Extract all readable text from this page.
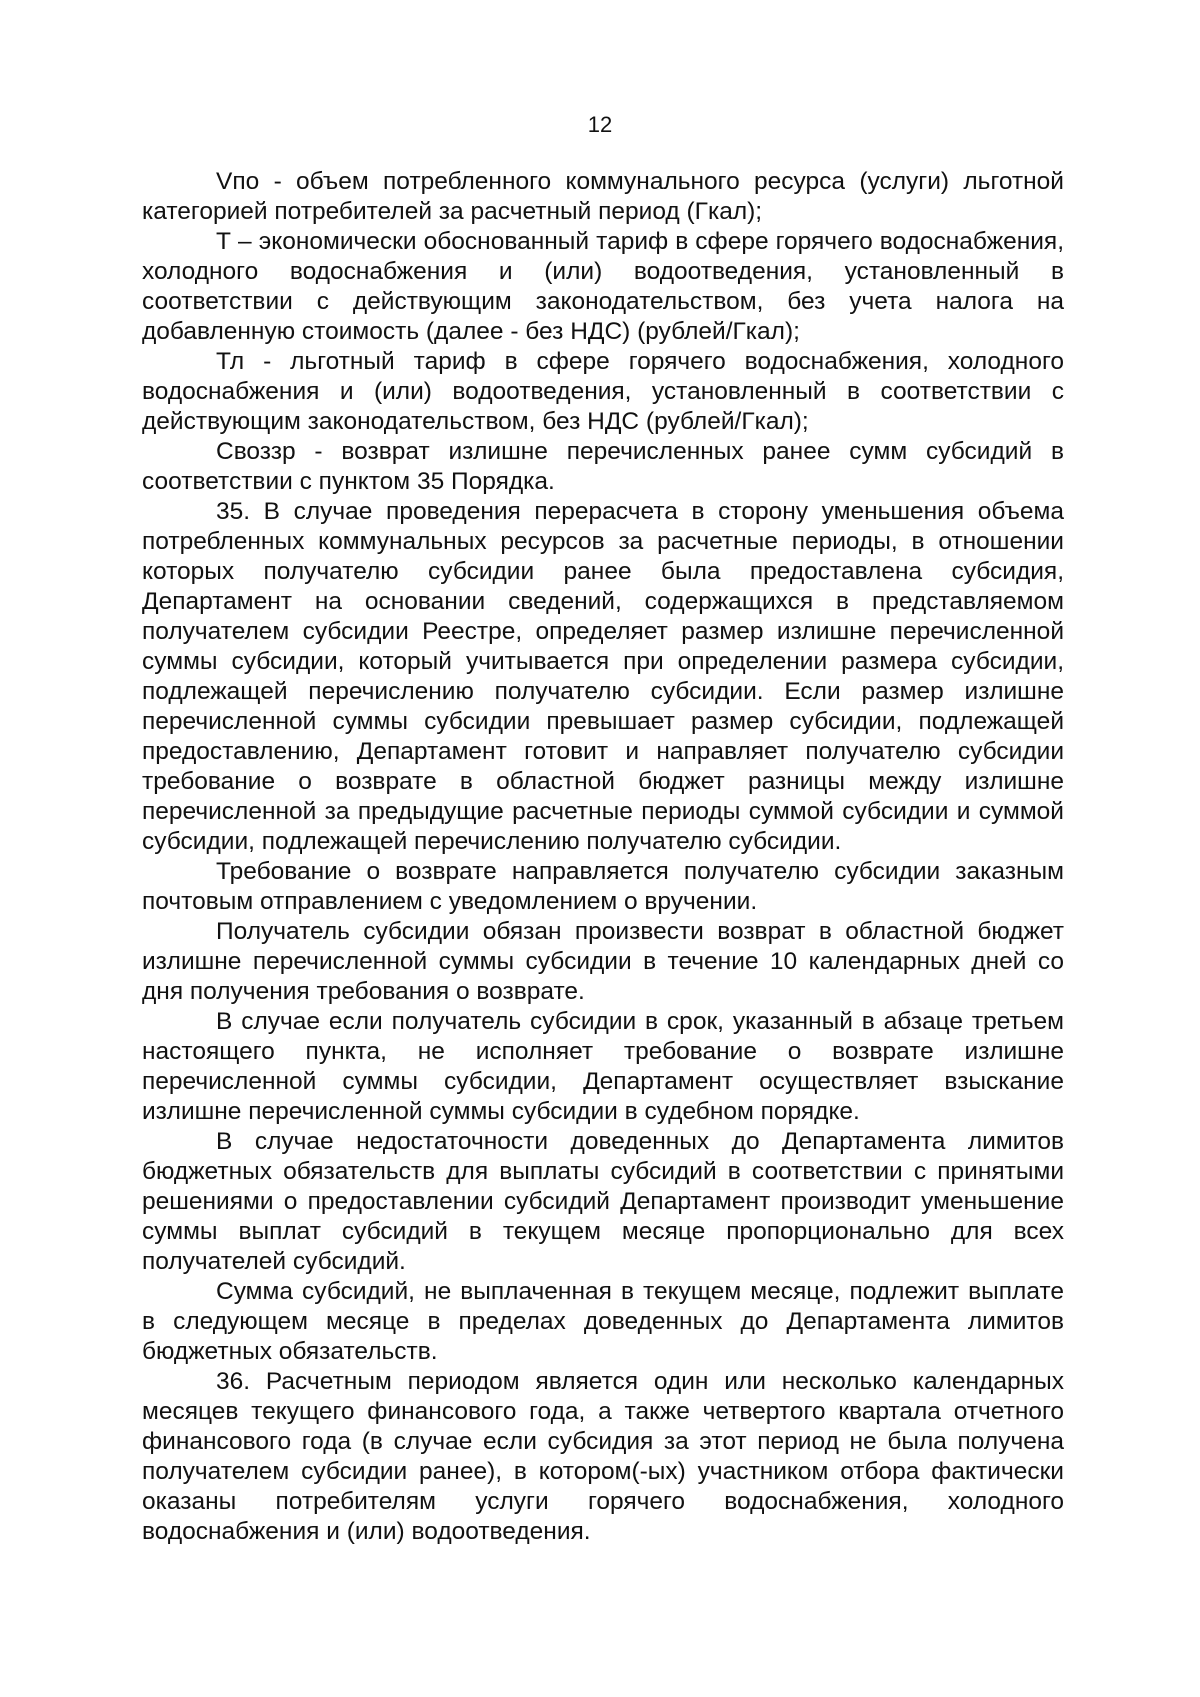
12

Vпо - объем потребленного коммунального ресурса (услуги) льготной категорией потребителей за расчетный период (Гкал);

Т – экономически обоснованный тариф в сфере горячего водоснабжения, холодного водоснабжения и (или) водоотведения, установленный в соответствии с действующим законодательством, без учета налога на добавленную стоимость (далее - без НДС) (рублей/Гкал);

Тл - льготный тариф в сфере горячего водоснабжения, холодного водоснабжения и (или) водоотведения, установленный в соответствии с действующим законодательством, без НДС (рублей/Гкал);

Своззр - возврат излишне перечисленных ранее сумм субсидий в соответствии с пунктом 35 Порядка.

35. В случае проведения перерасчета в сторону уменьшения объема потребленных коммунальных ресурсов за расчетные периоды, в отношении которых получателю субсидии ранее была предоставлена субсидия, Департамент на основании сведений, содержащихся в представляемом получателем субсидии Реестре, определяет размер излишне перечисленной суммы субсидии, который учитывается при определении размера субсидии, подлежащей перечислению получателю субсидии. Если размер излишне перечисленной суммы субсидии превышает размер субсидии, подлежащей предоставлению, Департамент готовит и направляет получателю субсидии требование о возврате в областной бюджет разницы между излишне перечисленной за предыдущие расчетные периоды суммой субсидии и суммой субсидии, подлежащей перечислению получателю субсидии.

Требование о возврате направляется получателю субсидии заказным почтовым отправлением с уведомлением о вручении.

Получатель субсидии обязан произвести возврат в областной бюджет излишне перечисленной суммы субсидии в течение 10 календарных дней со дня получения требования о возврате.

В случае если получатель субсидии в срок, указанный в абзаце третьем настоящего пункта, не исполняет требование о возврате излишне перечисленной суммы субсидии, Департамент осуществляет взыскание излишне перечисленной суммы субсидии в судебном порядке.

В случае недостаточности доведенных до Департамента лимитов бюджетных обязательств для выплаты субсидий в соответствии с принятыми решениями о предоставлении субсидий Департамент производит уменьшение суммы выплат субсидий в текущем месяце пропорционально для всех получателей субсидий.

Сумма субсидий, не выплаченная в текущем месяце, подлежит выплате в следующем месяце в пределах доведенных до Департамента лимитов бюджетных обязательств.

36. Расчетным периодом является один или несколько календарных месяцев текущего финансового года, а также четвертого квартала отчетного финансового года (в случае если субсидия за этот период не была получена получателем субсидии ранее), в котором(-ых) участником отбора фактически оказаны потребителям услуги горячего водоснабжения, холодного водоснабжения и (или) водоотведения.
